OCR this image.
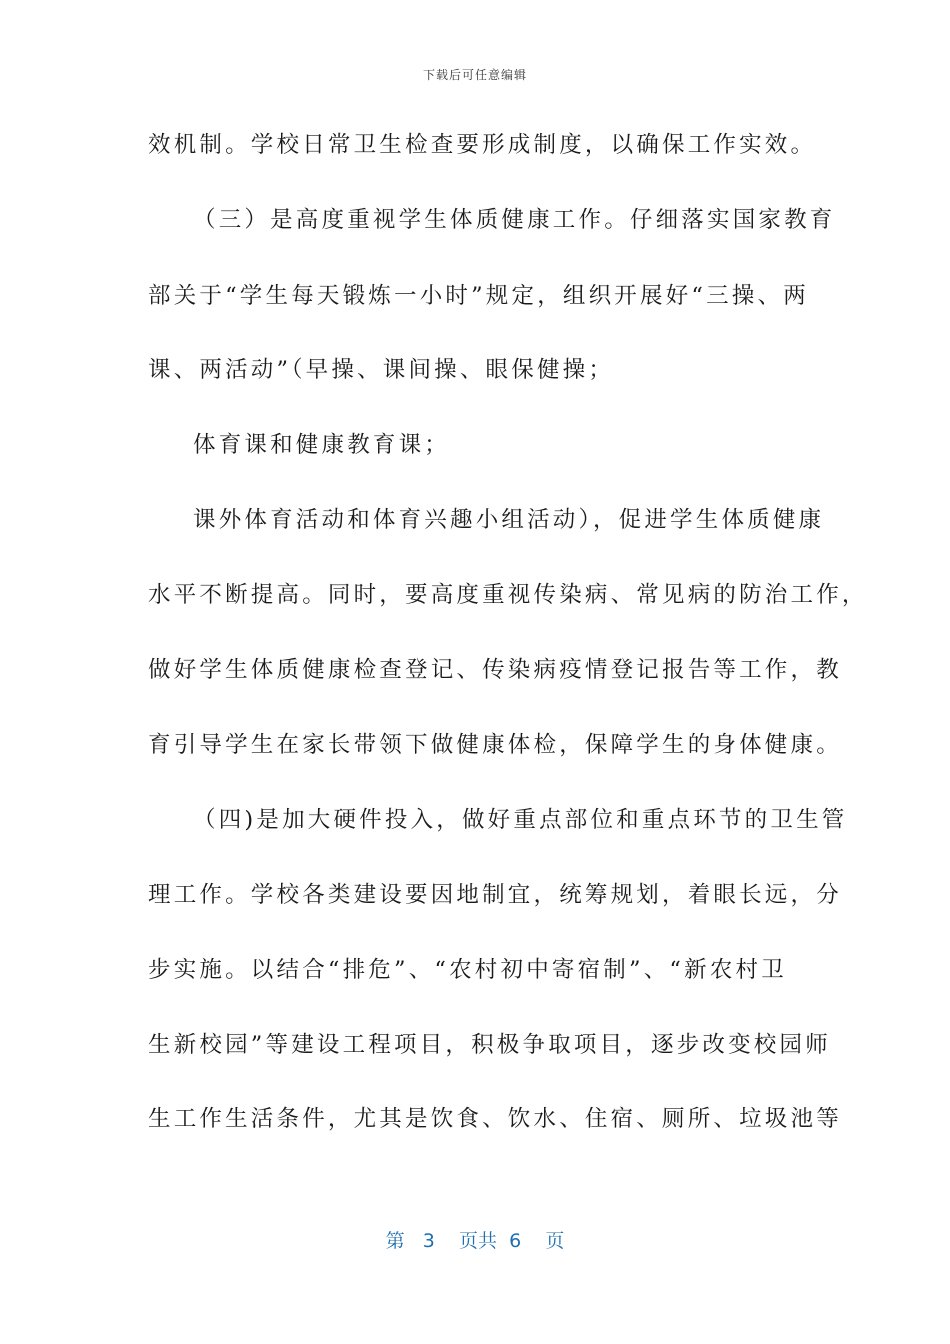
下载后可任意编辑
效机制。学校日常卫生检查要形成制度，以确保工作实效。
（三）是高度重视学生体质健康工作。仔细落实国家教育
部关于“学生每天锻炼一小时”规定，组织开展好“三操、两
课、两活动”（早操、课间操、眼保健操；
体育课和健康教育课；
课外体育活动和体育兴趣小组活动），促进学生体质健康
水平不断提高。同时，要高度重视传染病、常见病的防治工作，
做好学生体质健康检查登记、传染病疫情登记报告等工作，教
育引导学生在家长带领下做健康体检，保障学生的身体健康。
（四)是加大硬件投入，做好重点部位和重点环节的卫生管
理工作。学校各类建设要因地制宜，统筹规划，着眼长远，分
步实施。以结合“排危”、“农村初中寄宿制”、“新农村卫
生新校园”等建设工程项目，积极争取项目，逐步改变校园师
生工作生活条件，尤其是饮食、饮水、住宿、厕所、垃圾池等
第 3 页共 6 页
